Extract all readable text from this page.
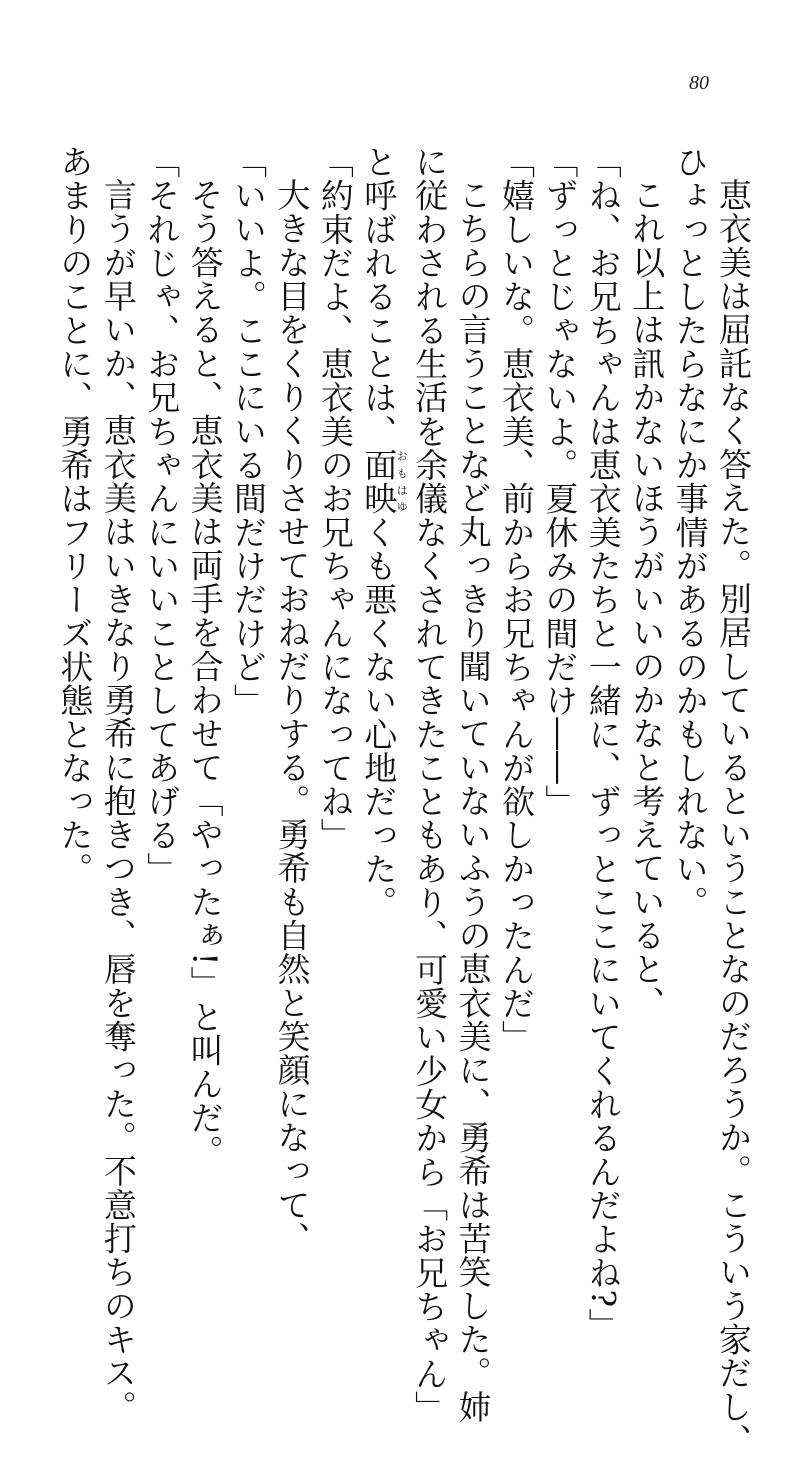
80
恵衣美は屈託なく答えた。別居しているということなのだろうか。こういう家だし、
ひょっとしたらなにか事情があるのかもしれない。
これ以上は訊かないほうがいいのかなと考えていると、
「ね、お兄ちゃんは恵衣美たちと一緒に、ずっとここにいてくれるんだよね?」
「ずっとじゃないよ。夏休みの間だけ――」
「嬉しいな。恵衣美、前からお兄ちゃんが欲しかったんだ」
こちらの言うことなど丸っきり聞いていないふうの恵衣美に、勇希は苦笑した。姉
に従わされる生活を余儀なくされてきたこともあり、可愛い少女から「お兄ちゃん」
と呼ばれることは、面映おもはゆくも悪くない心地だった。
「約束だよ、恵衣美のお兄ちゃんになってね」
大きな目をくりくりさせておねだりする。勇希も自然と笑顔になって、
「いいよ。ここにいる間だけだけど」
そう答えると、恵衣美は両手を合わせて「やったぁ!」と叫んだ。
「それじゃ、お兄ちゃんにいいことしてあげる」
言うが早いか、恵衣美はいきなり勇希に抱きつき、唇を奪った。不意打ちのキス。
あまりのことに、勇希はフリーズ状態となった。
